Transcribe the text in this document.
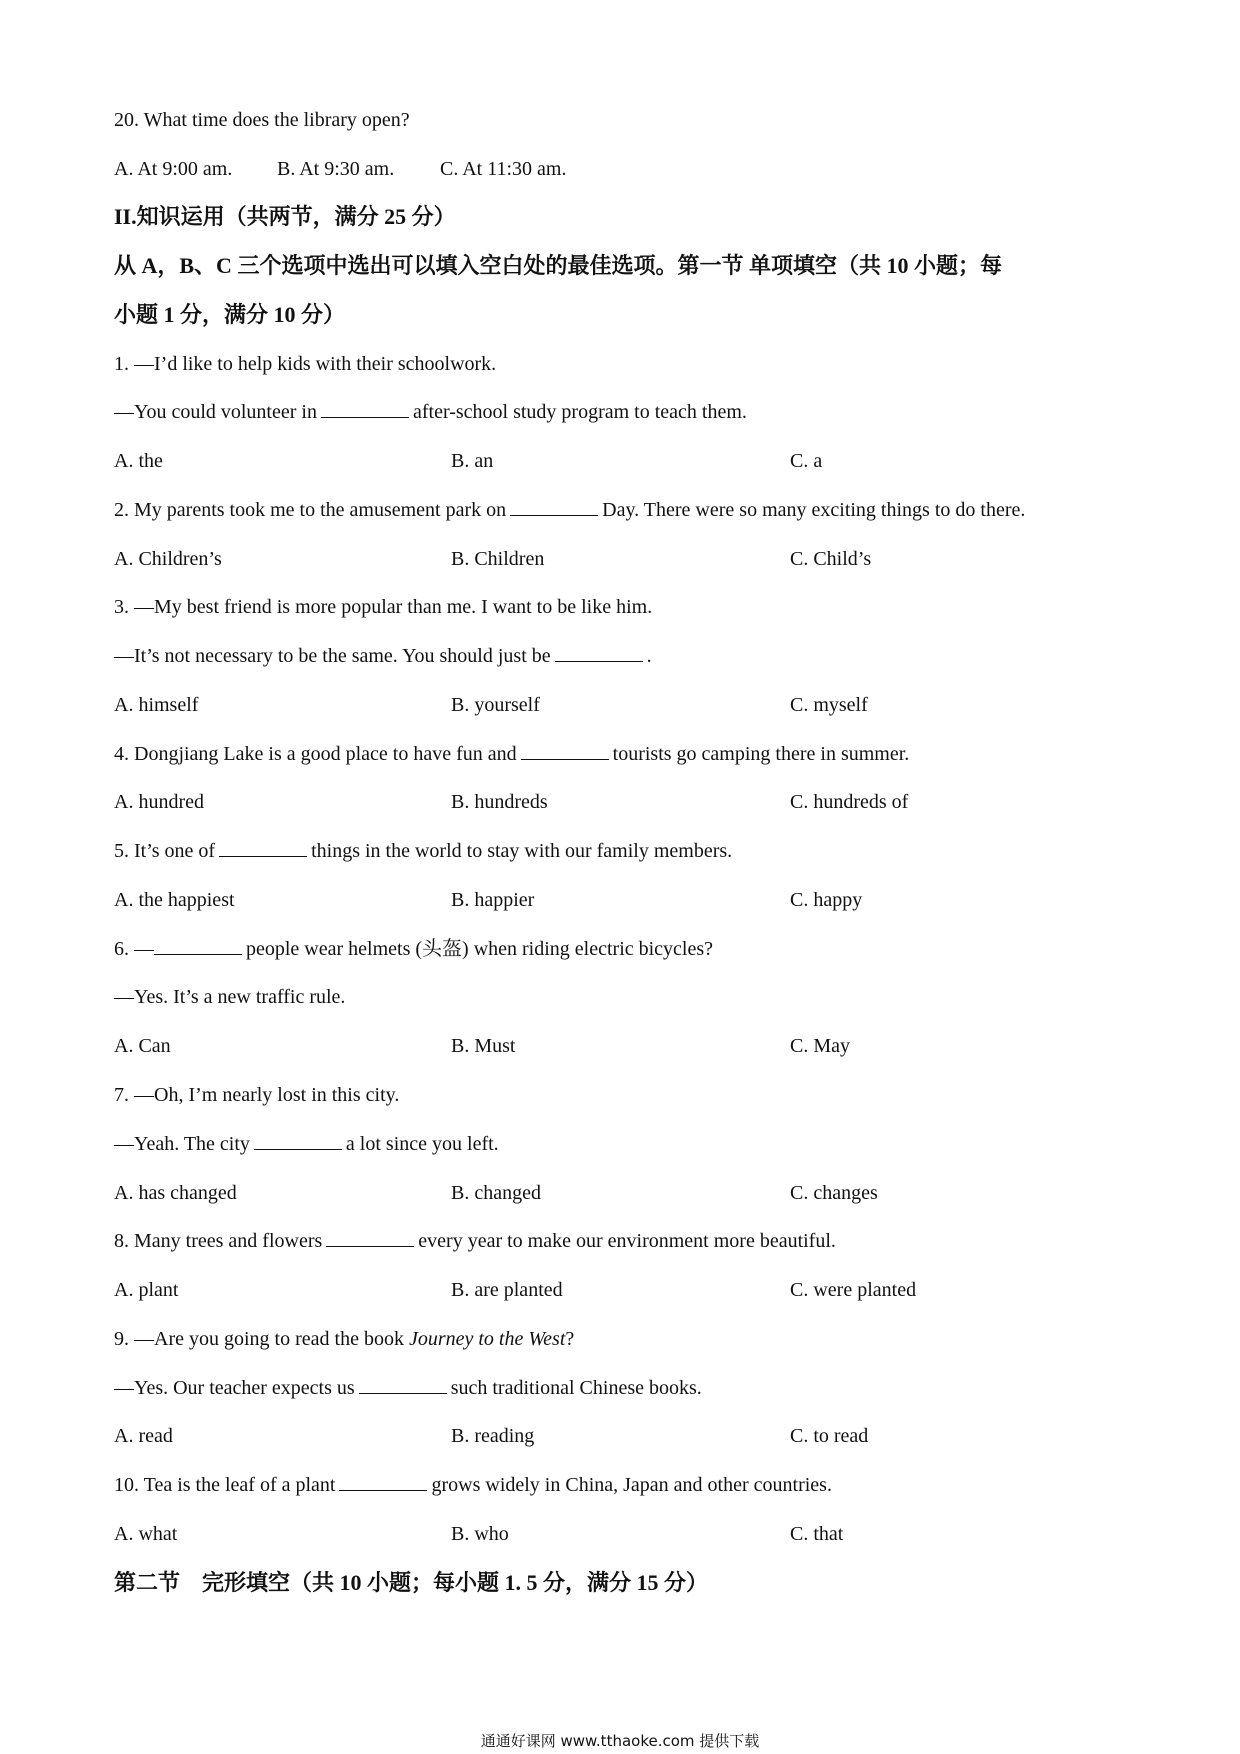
20. What time does the library open?
A. At 9:00 am. B. At 9:30 am. C. At 11:30 am.
II.知识运用（共两节，满分 25 分）
从 A，B、C 三个选项中选出可以填入空白处的最佳选项。第一节 单项填空（共 10 小题；每
小题 1 分，满分 10 分）
1. —I’d like to help kids with their schoolwork.
—You could volunteer in	after-school study program to teach them.
A. the	B. an	C. a
2. My parents took me to the amusement park on	Day. There were so many exciting things to do there.
A. Children’s	B. Children	C. Child’s
3. —My best friend is more popular than me. I want to be like him.
—It’s not necessary to be the same. You should just be	.
A. himself	B. yourself	C. myself
4. Dongjiang Lake is a good place to have fun and	tourists go camping there in summer.
A. hundred	B. hundreds	C. hundreds of
5. It’s one of	things in the world to stay with our family members.
A. the happiest	B. happier	C. happy
6. —	people wear helmets (头盔) when riding electric bicycles?
—Yes. It’s a new traffic rule.
A. Can	B. Must	C. May
7. —Oh, I’m nearly lost in this city.
—Yeah. The city	a lot since you left.
A. has changed	B. changed	C. changes
8. Many trees and flowers	every year to make our environment more beautiful.
A. plant	B. are planted	C. were planted
9. —Are you going to read the book Journey to the West?
—Yes. Our teacher expects us	such traditional Chinese books.
A. read	B. reading	C. to read
10. Tea is the leaf of a plant	grows widely in China, Japan and other countries.
A. what	B. who	C. that
第二节　完形填空（共 10 小题；每小题 1. 5 分，满分 15 分）
通通好课网 www.tthaoke.com 提供下载
